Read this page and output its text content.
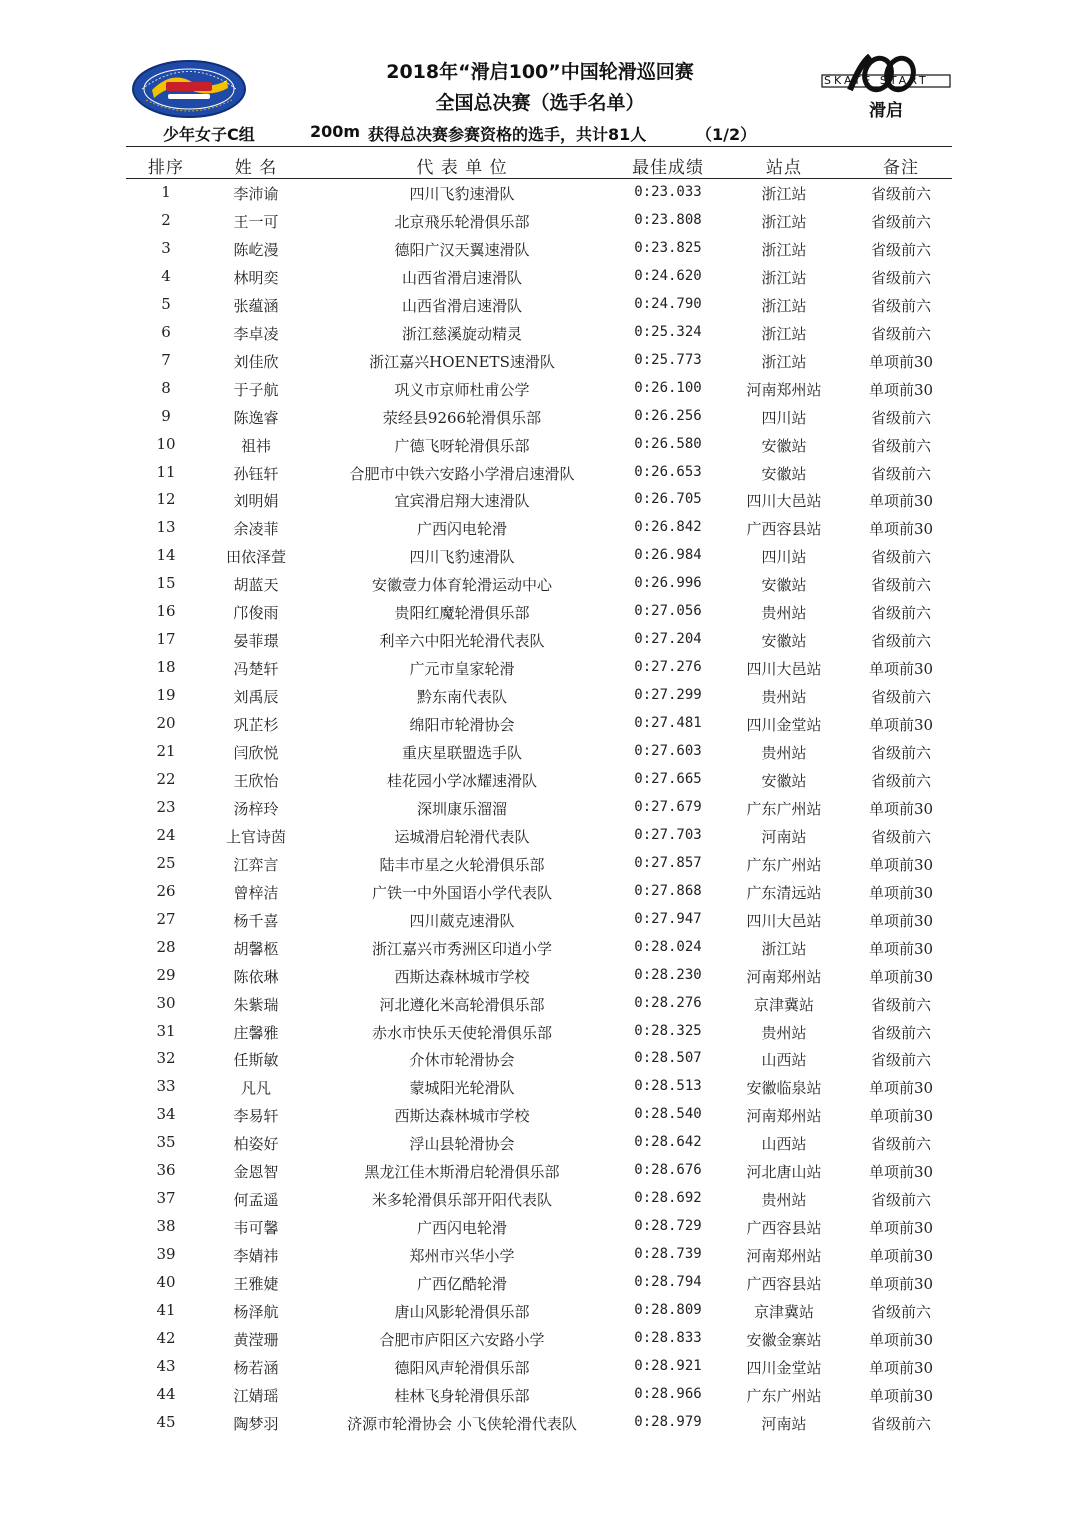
SKATE START
滑启
2018年“滑启100”中国轮滑巡回赛
全国总决赛（选手名单）
少年女子C组	200m 获得总决赛参赛资格的选手，共计81人	（1/2）
排序	姓 名	代 表 单 位	最佳成绩	站点	备注
1	李沛谕	四川飞豹速滑队	0:23.033	浙江站	省级前六
2	王一可	北京飛乐轮滑俱乐部	0:23.808	浙江站	省级前六
3	陈屹漫	德阳广汉天翼速滑队	0:23.825	浙江站	省级前六
4	林明奕	山西省滑启速滑队	0:24.620	浙江站	省级前六
5	张蕴涵	山西省滑启速滑队	0:24.790	浙江站	省级前六
6	李卓凌	浙江慈溪旋动精灵	0:25.324	浙江站	省级前六
7	刘佳欣	浙江嘉兴HOENETS速滑队	0:25.773	浙江站	单项前30
8	于子航	巩义市京师杜甫公学	0:26.100	河南郑州站	单项前30
9	陈逸睿	荥经县9266轮滑俱乐部	0:26.256	四川站	省级前六
10	祖祎	广德飞呀轮滑俱乐部	0:26.580	安徽站	省级前六
11	孙钰轩	合肥市中铁六安路小学滑启速滑队	0:26.653	安徽站	省级前六
12	刘明娟	宜宾滑启翔大速滑队	0:26.705	四川大邑站	单项前30
13	余凌菲	广西闪电轮滑	0:26.842	广西容县站	单项前30
14	田依泽萱	四川飞豹速滑队	0:26.984	四川站	省级前六
15	胡蓝天	安徽壹力体育轮滑运动中心	0:26.996	安徽站	省级前六
16	邝俊雨	贵阳红魔轮滑俱乐部	0:27.056	贵州站	省级前六
17	晏菲璟	利辛六中阳光轮滑代表队	0:27.204	安徽站	省级前六
18	冯楚轩	广元市皇家轮滑	0:27.276	四川大邑站	单项前30
19	刘禹辰	黔东南代表队	0:27.299	贵州站	省级前六
20	巩芷杉	绵阳市轮滑协会	0:27.481	四川金堂站	单项前30
21	闫欣悦	重庆星联盟选手队	0:27.603	贵州站	省级前六
22	王欣怡	桂花园小学冰耀速滑队	0:27.665	安徽站	省级前六
23	汤梓玲	深圳康乐溜溜	0:27.679	广东广州站	单项前30
24	上官诗茵	运城滑启轮滑代表队	0:27.703	河南站	省级前六
25	江弈言	陆丰市星之火轮滑俱乐部	0:27.857	广东广州站	单项前30
26	曾梓洁	广铁一中外国语小学代表队	0:27.868	广东清远站	单项前30
27	杨千喜	四川葳克速滑队	0:27.947	四川大邑站	单项前30
28	胡馨柩	浙江嘉兴市秀洲区印逍小学	0:28.024	浙江站	单项前30
29	陈依琳	西斯达森林城市学校	0:28.230	河南郑州站	单项前30
30	朱紫瑞	河北遵化米高轮滑俱乐部	0:28.276	京津冀站	省级前六
31	庄馨雅	赤水市快乐天使轮滑俱乐部	0:28.325	贵州站	省级前六
32	任斯敏	介休市轮滑协会	0:28.507	山西站	省级前六
33	凡凡	蒙城阳光轮滑队	0:28.513	安徽临泉站	单项前30
34	李易轩	西斯达森林城市学校	0:28.540	河南郑州站	单项前30
35	柏姿好	浮山县轮滑协会	0:28.642	山西站	省级前六
36	金恩智	黑龙江佳木斯滑启轮滑俱乐部	0:28.676	河北唐山站	单项前30
37	何孟遥	米多轮滑俱乐部开阳代表队	0:28.692	贵州站	省级前六
38	韦可馨	广西闪电轮滑	0:28.729	广西容县站	单项前30
39	李婧祎	郑州市兴华小学	0:28.739	河南郑州站	单项前30
40	王雅婕	广西亿酷轮滑	0:28.794	广西容县站	单项前30
41	杨泽航	唐山风影轮滑俱乐部	0:28.809	京津冀站	省级前六
42	黄滢珊	合肥市庐阳区六安路小学	0:28.833	安徽金寨站	单项前30
43	杨若涵	德阳风声轮滑俱乐部	0:28.921	四川金堂站	单项前30
44	江婧瑶	桂林飞身轮滑俱乐部	0:28.966	广东广州站	单项前30
45	陶梦羽	济源市轮滑协会 小飞侠轮滑代表队	0:28.979	河南站	省级前六
